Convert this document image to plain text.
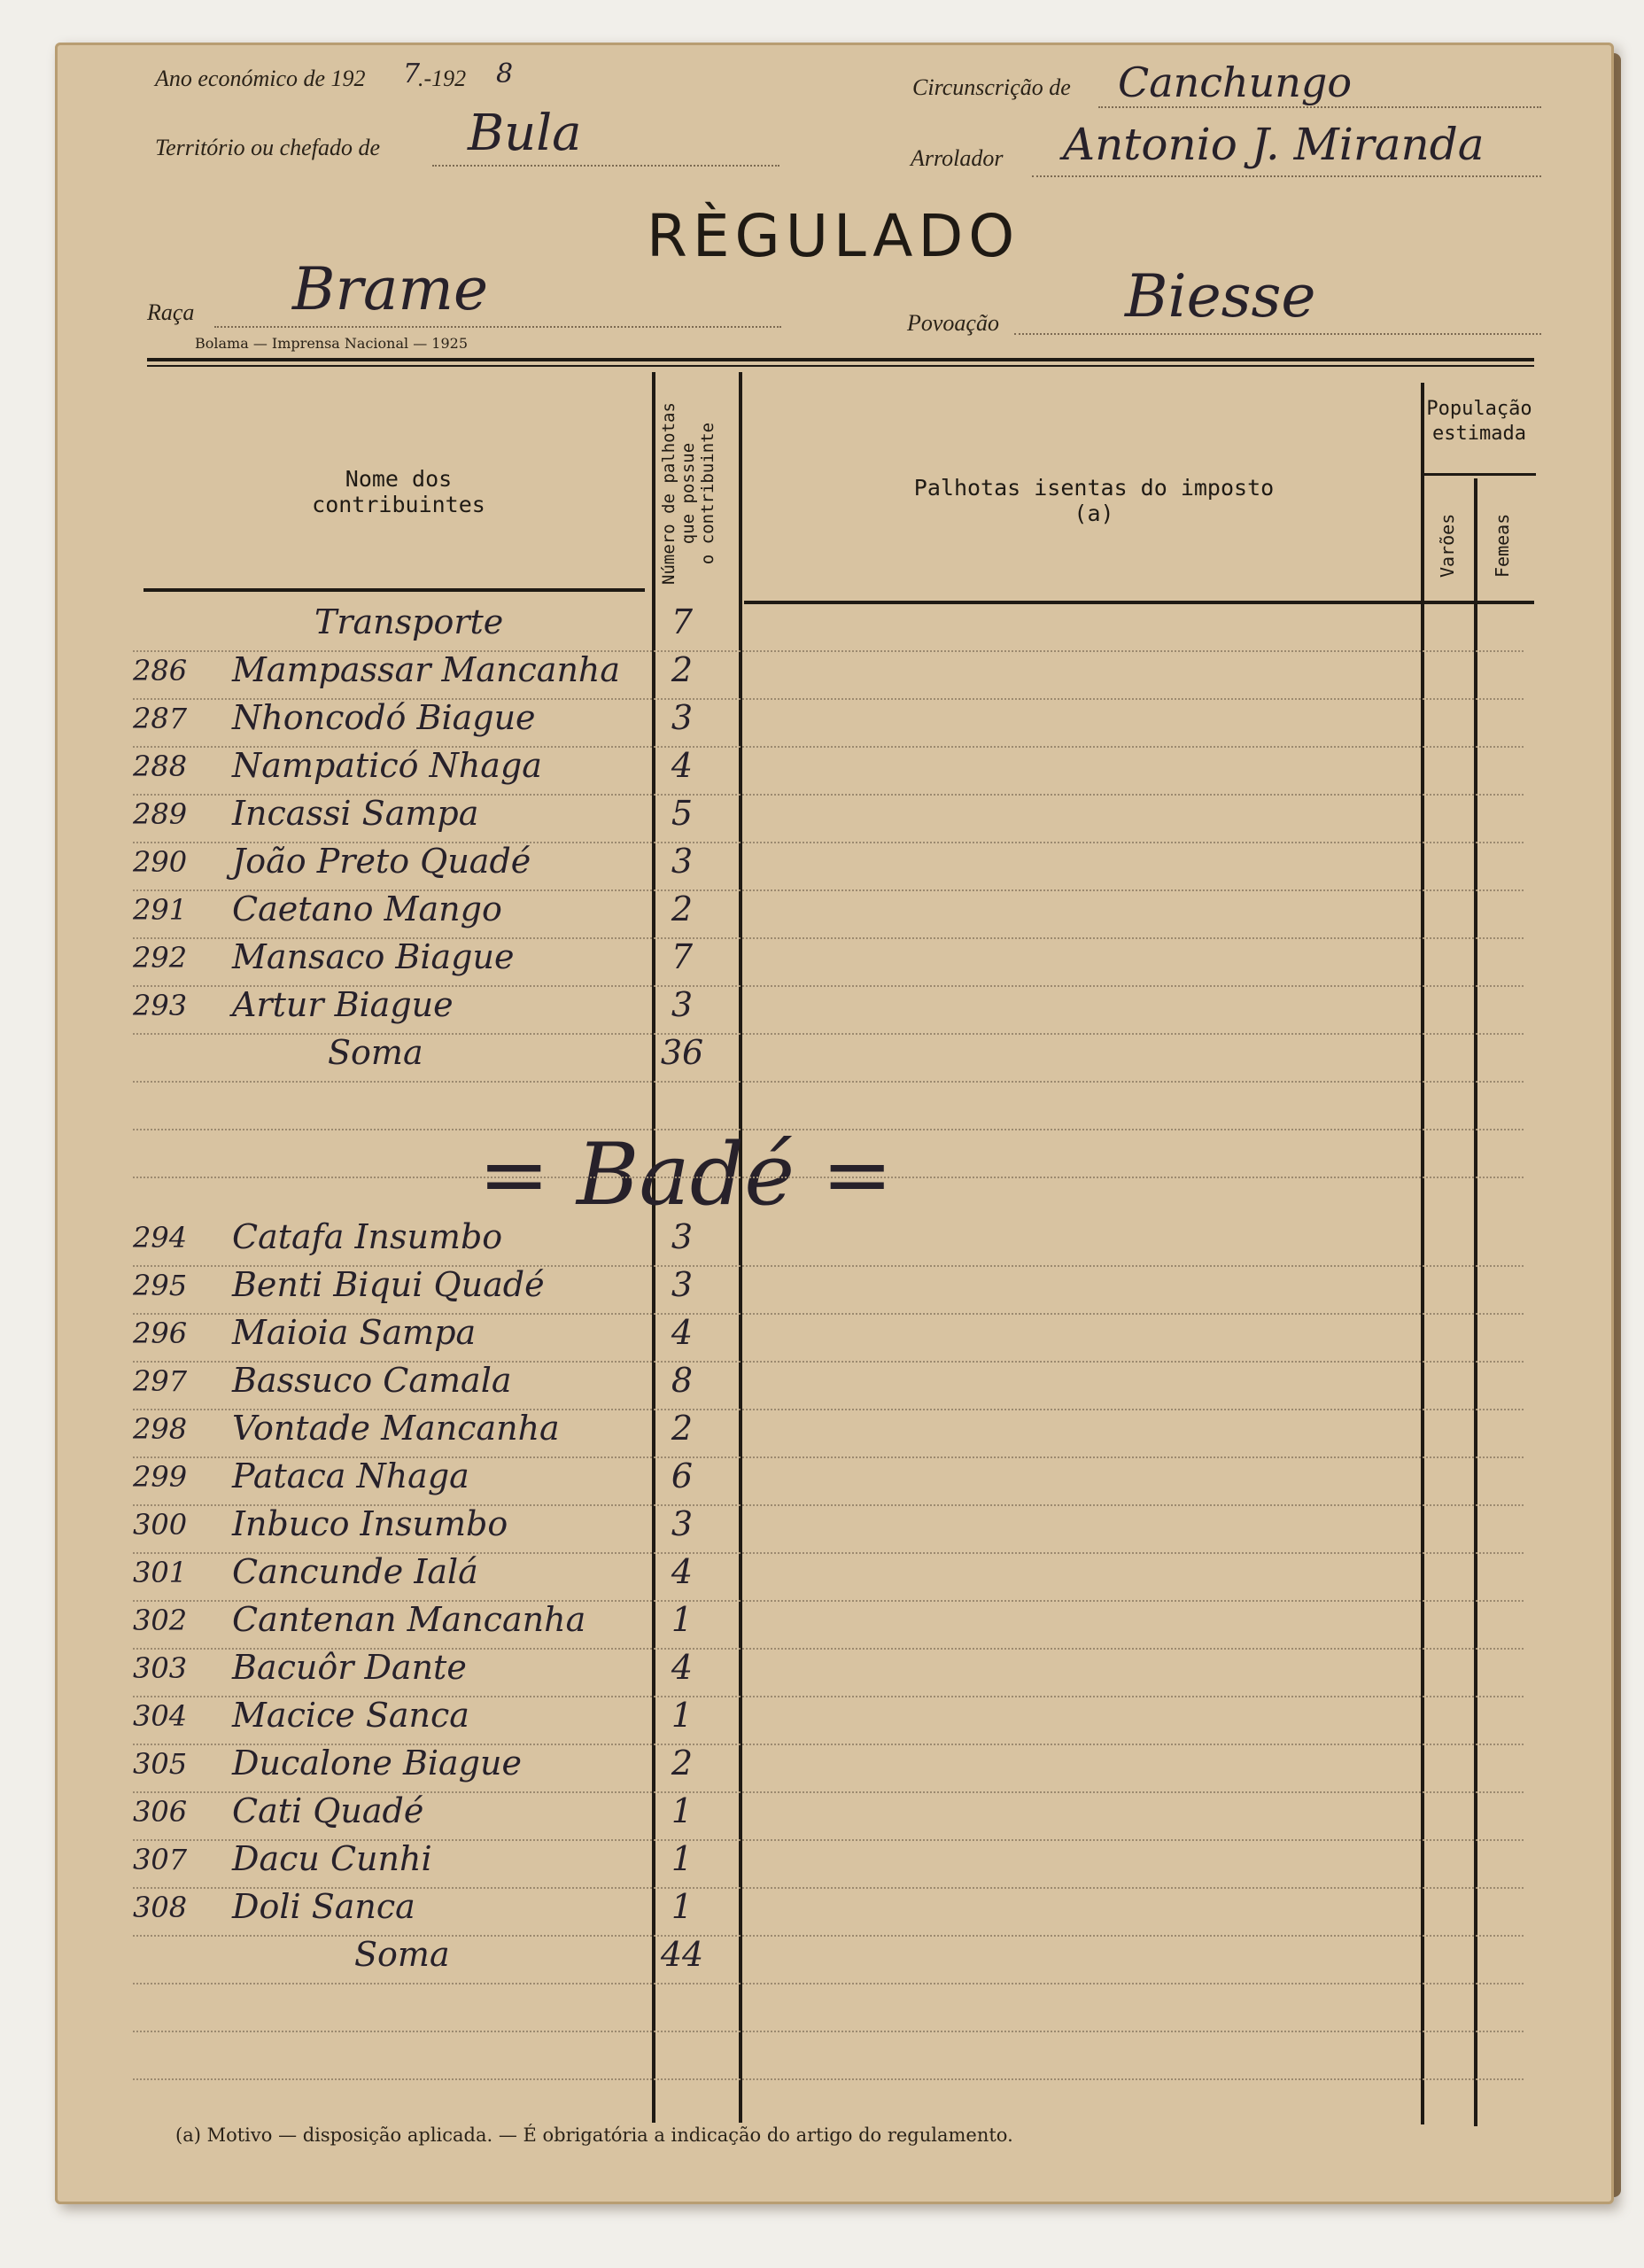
Ano económico de 192 7
.-192 8	Circunscrição de Canchungo
Território ou chefado de Bula	Arrolador Antonio J. Miranda
RÈGULADO
Raça Brame	Povoação Biesse
Bolama — Imprensa Nacional — 1925
Nome dos contribuintes	Número de palhotas que possue o contribuinte	Palhotas isentas do imposto (a)
População
estimada
Varões Femeas
Transporte	7
286 Mampassar Mancanha	2
287 Nhoncodó Biague	3
288 Nampaticó Nhaga	4
289 Incassi Sampa	5
290 João Preto Quadé	3
291 Caetano Mango	2
292 Mansaco Biague	7
293 Artur Biague	3
Soma	36
= Badé =
294 Catafa Insumbo	3
295 Benti Biqui Quadé	3
296 Maioia Sampa	4
297 Bassuco Camala	8
298 Vontade Mancanha	2
299 Pataca Nhaga	6
300 Inbuco Insumbo	3
301 Cancunde Ialá	4
302 Cantenan Mancanha	1
303 Bacuôr Dante	4
304 Macice Sanca	1
305 Ducalone Biague	2
306 Cati Quadé	1
307 Dacu Cunhi	1
308 Doli Sanca	1
Soma	44
(a) Motivo — disposição aplicada. — É obrigatória a indicação do artigo do regulamento.
